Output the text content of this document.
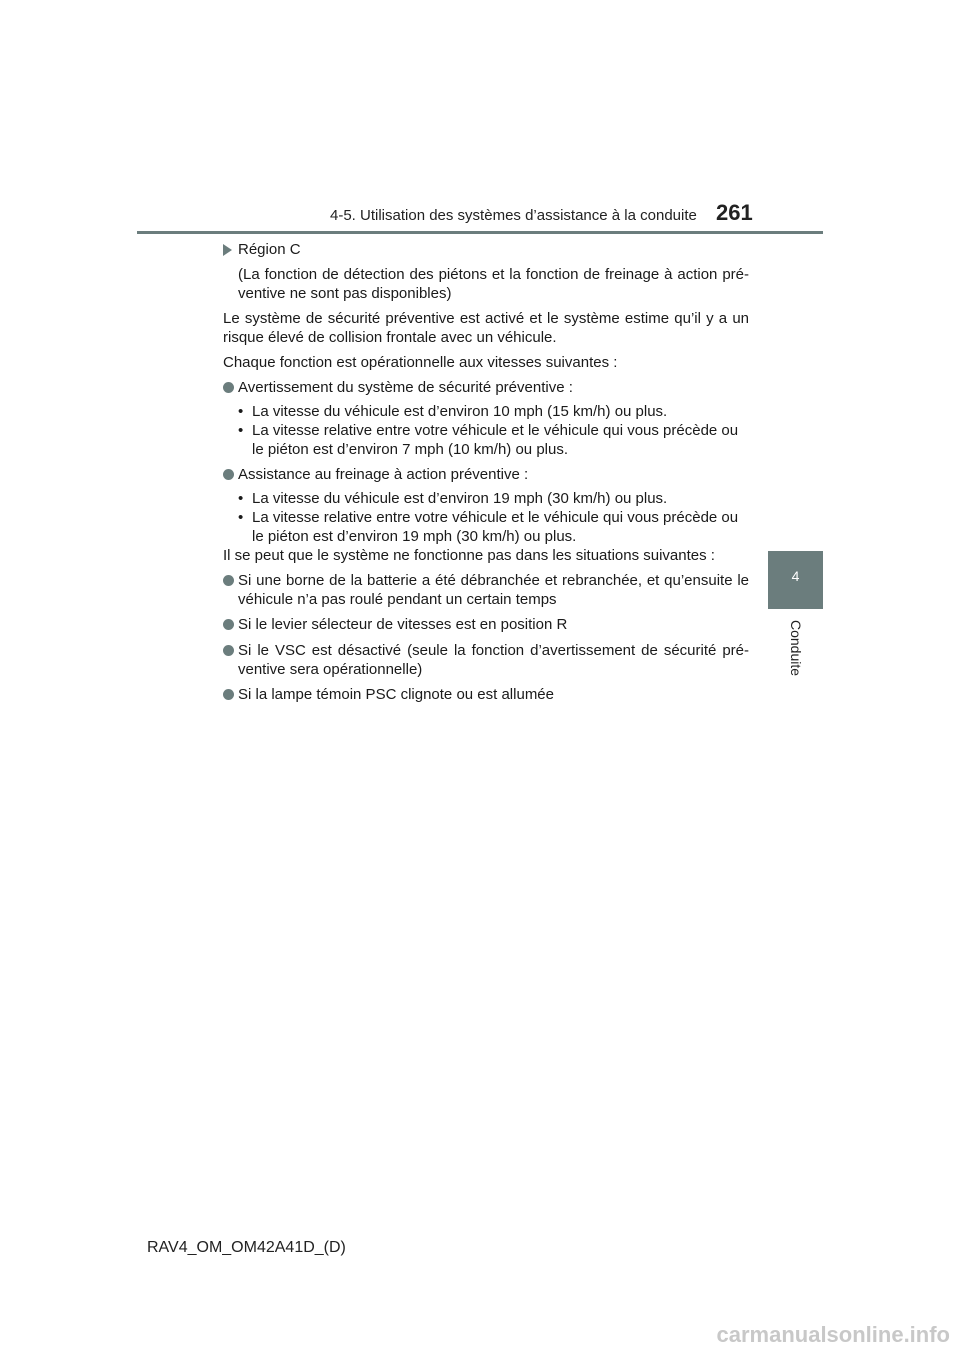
4-5. Utilisation des systèmes d’assistance à la conduite 261
4
Conduite
Région C

(La fonction de détection des piétons et la fonction de freinage à action pré-ventive ne sont pas disponibles)

Le système de sécurité préventive est activé et le système estime qu’il y a un risque élevé de collision frontale avec un véhicule.

Chaque fonction est opérationnelle aux vitesses suivantes :

Avertissement du système de sécurité préventive :
• La vitesse du véhicule est d’environ 10 mph (15 km/h) ou plus.
• La vitesse relative entre votre véhicule et le véhicule qui vous précède ou le piéton est d’environ 7 mph (10 km/h) ou plus.
Assistance au freinage à action préventive :
• La vitesse du véhicule est d’environ 19 mph (30 km/h) ou plus.
• La vitesse relative entre votre véhicule et le véhicule qui vous précède ou le piéton est d’environ 19 mph (30 km/h) ou plus.

Il se peut que le système ne fonctionne pas dans les situations suivantes :

Si une borne de la batterie a été débranchée et rebranchée, et qu’ensuite le véhicule n’a pas roulé pendant un certain temps
Si le levier sélecteur de vitesses est en position R
Si le VSC est désactivé (seule la fonction d’avertissement de sécurité pré-ventive sera opérationnelle)
Si la lampe témoin PSC clignote ou est allumée
RAV4_OM_OM42A41D_(D)
carmanualsonline.info
